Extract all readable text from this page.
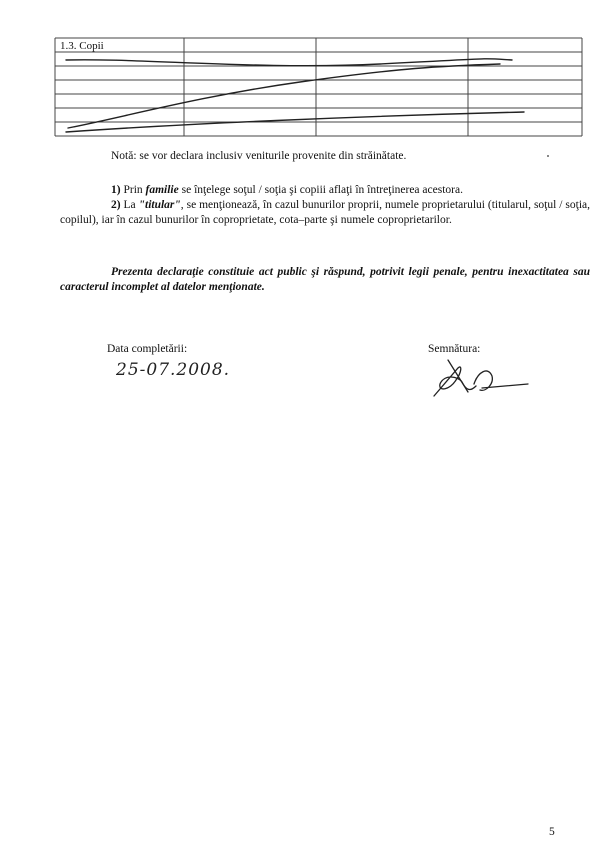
1.3. Copii
Notă: se vor declara inclusiv veniturile provenite din străinătate.
1) Prin familie se înţelege soţul / soţia şi copiii aflaţi în întreţinerea acestora.
2) La "titular", se menţionează, în cazul bunurilor proprii, numele proprietarului (titularul, soţul / soţia, copilul), iar în cazul bunurilor în coproprietate, cota–parte şi numele coproprietarilor.
Prezenta declaraţie constituie act public şi răspund, potrivit legii penale, pentru inexactitatea sau caracterul incomplet al datelor menţionate.
Data completării:
25-07.2008.
Semnătura:
5
